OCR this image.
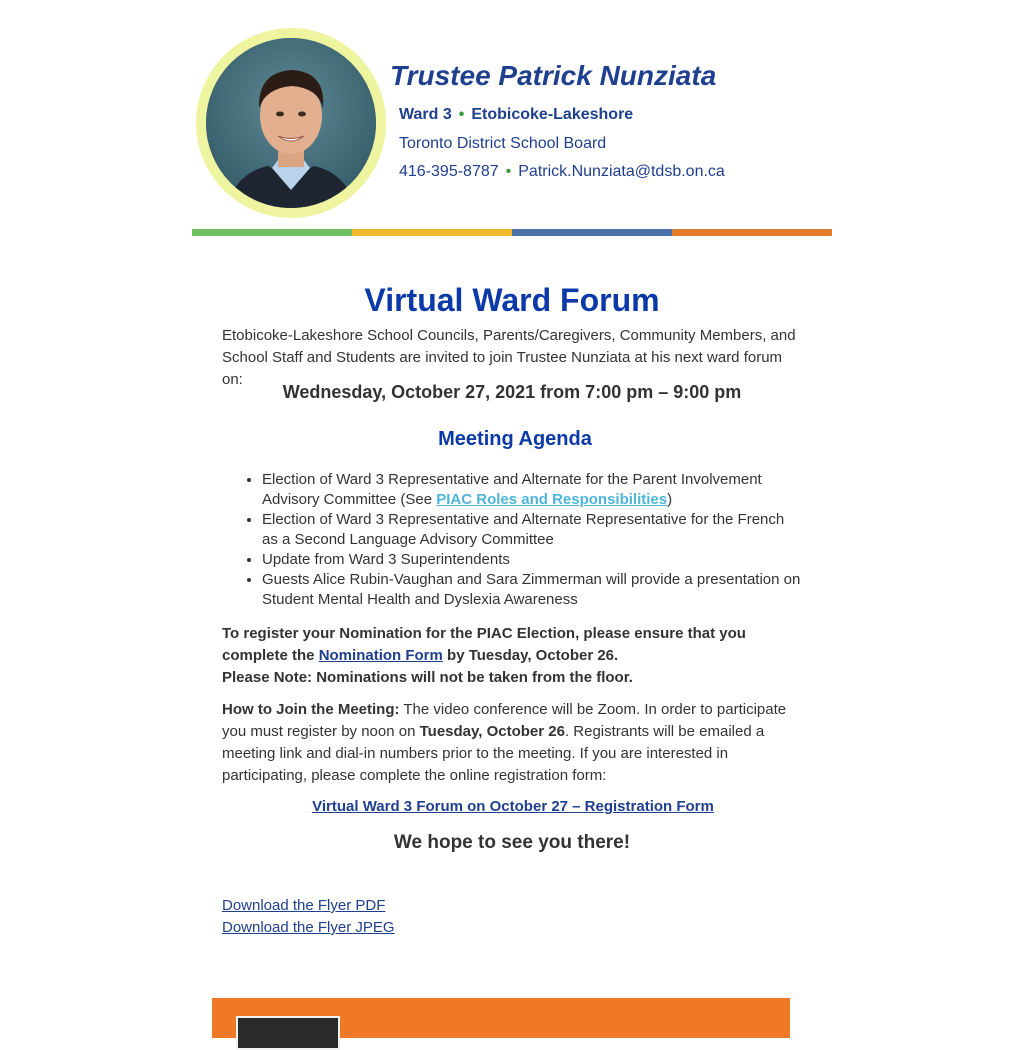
Trustee Patrick Nunziata
Ward 3 • Etobicoke-Lakeshore
Toronto District School Board
416-395-8787 • Patrick.Nunziata@tdsb.on.ca
Virtual Ward Forum

Etobicoke-Lakeshore School Councils, Parents/Caregivers, Community Members, and School Staff and Students are invited to join Trustee Nunziata at his next ward forum on:

Wednesday, October 27, 2021 from 7:00 pm – 9:00 pm
Meeting Agenda
• Election of Ward 3 Representative and Alternate for the Parent Involvement Advisory Committee (See PIAC Roles and Responsibilities)
• Election of Ward 3 Representative and Alternate Representative for the French as a Second Language Advisory Committee
• Update from Ward 3 Superintendents
• Guests Alice Rubin-Vaughan and Sara Zimmerman will provide a presentation on Student Mental Health and Dyslexia Awareness

To register your Nomination for the PIAC Election, please ensure that you complete the Nomination Form by Tuesday, October 26.
Please Note: Nominations will not be taken from the floor.

How to Join the Meeting: The video conference will be Zoom. In order to participate you must register by noon on Tuesday, October 26. Registrants will be emailed a meeting link and dial-in numbers prior to the meeting. If you are interested in participating, please complete the online registration form:

Virtual Ward 3 Forum on October 27 – Registration Form
We hope to see you there!
Download the Flyer PDF
Download the Flyer JPEG
